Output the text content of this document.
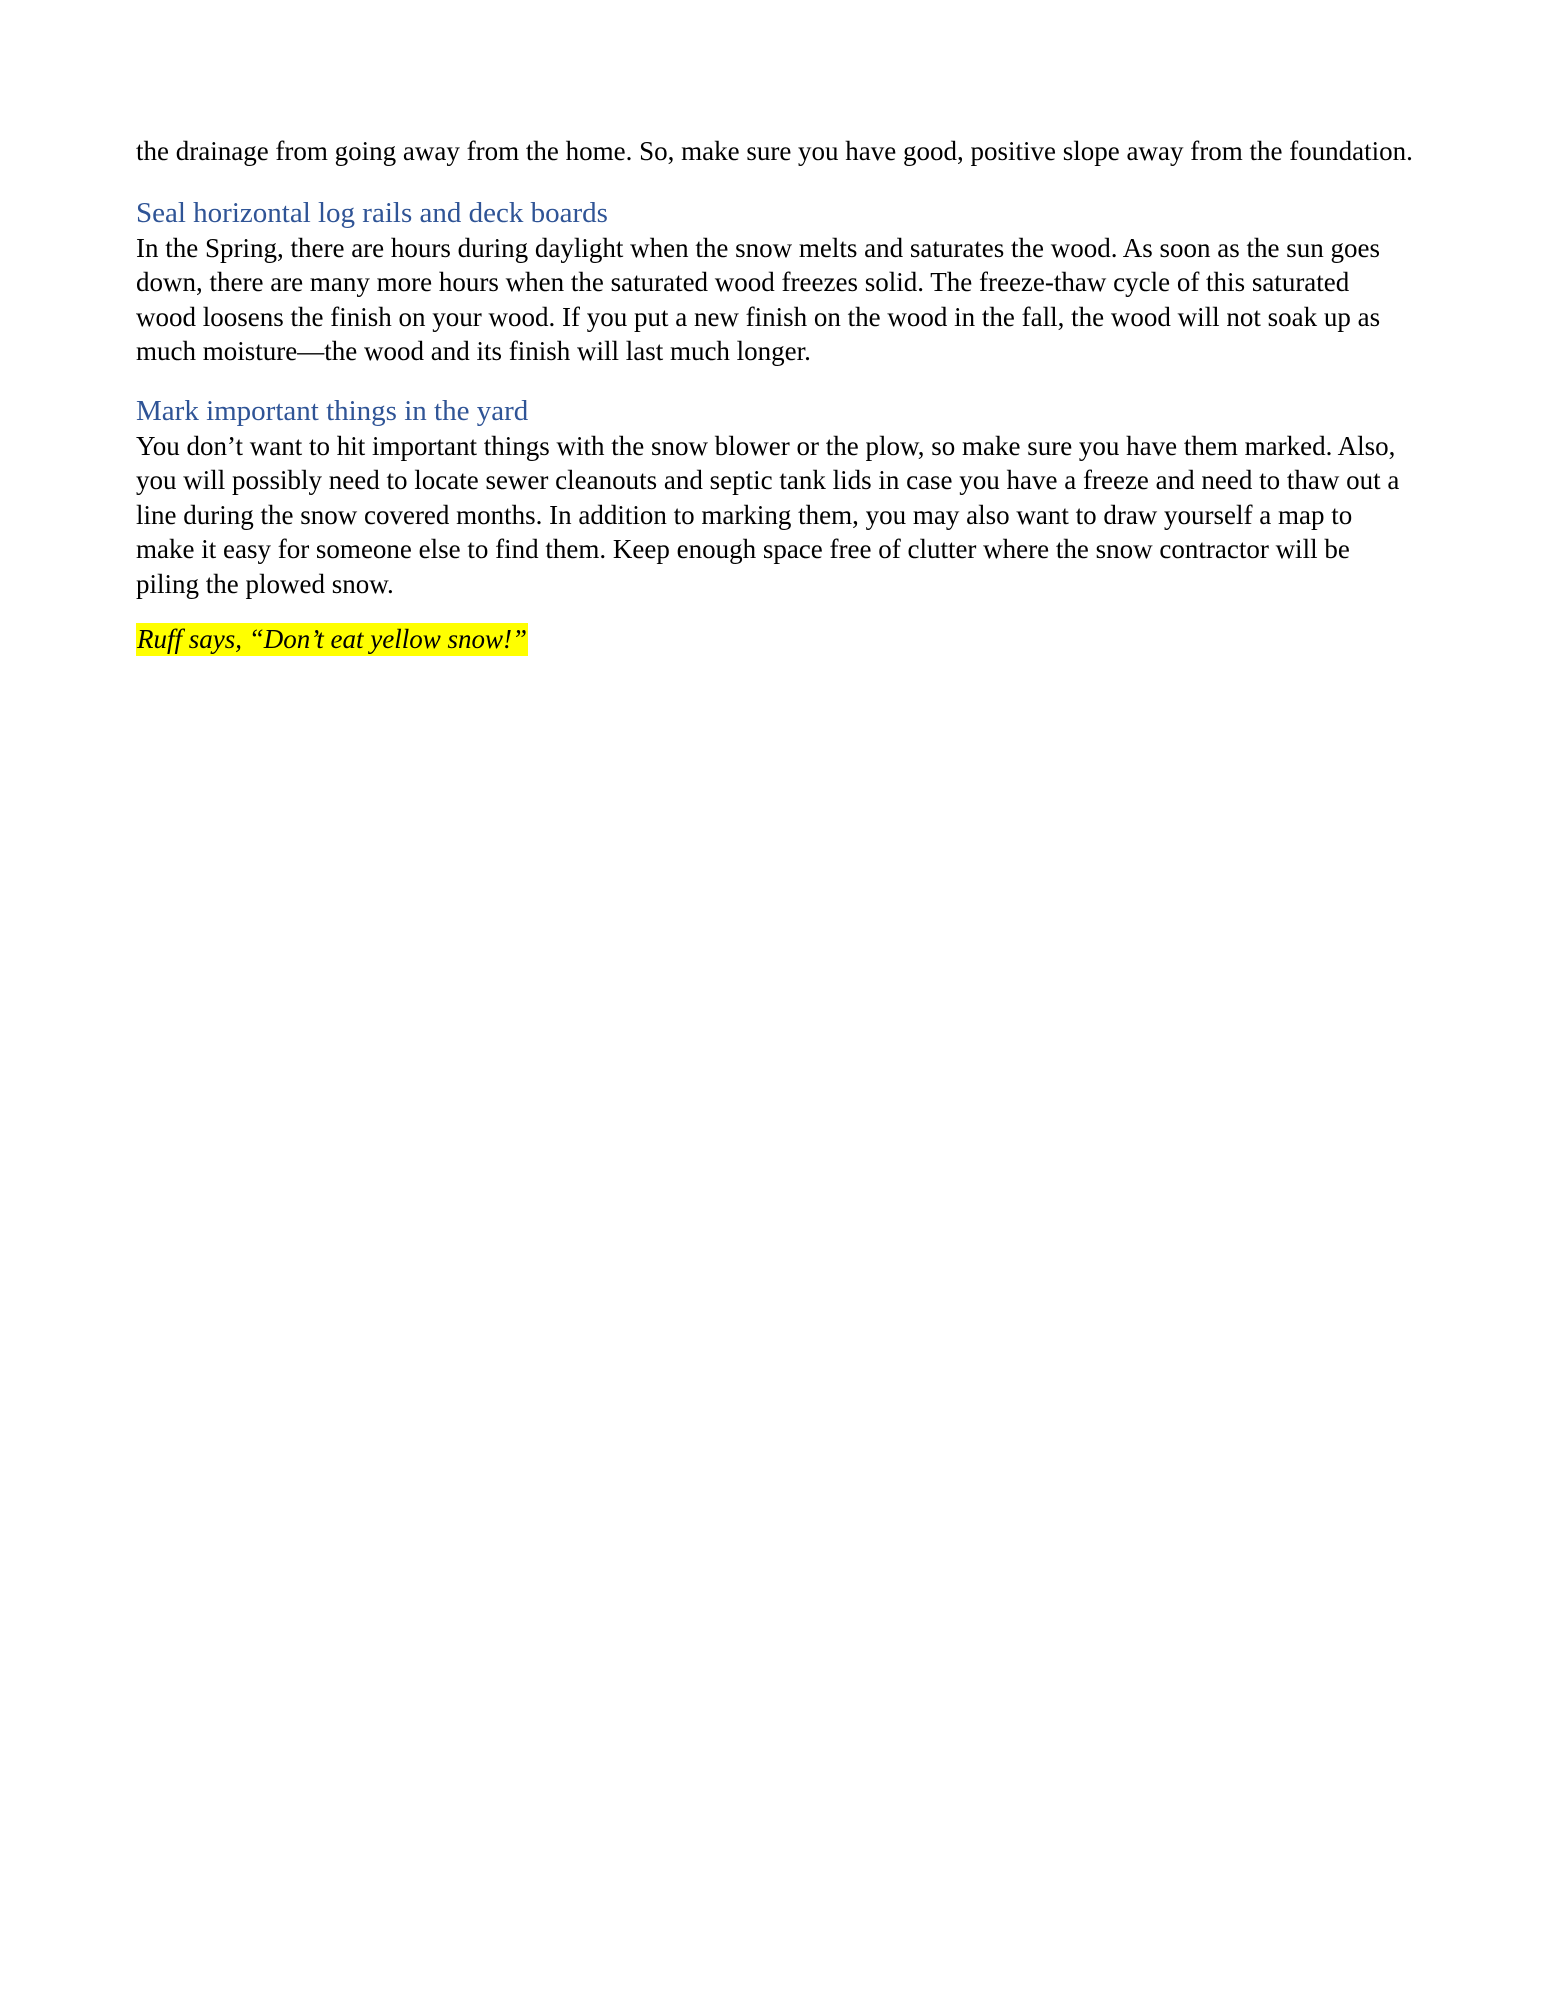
the drainage from going away from the home. So, make sure you have good, positive slope away from the foundation.

Seal horizontal log rails and deck boards

In the Spring, there are hours during daylight when the snow melts and saturates the wood. As soon as the sun goes down, there are many more hours when the saturated wood freezes solid. The freeze-thaw cycle of this saturated wood loosens the finish on your wood. If you put a new finish on the wood in the fall, the wood will not soak up as much moisture—the wood and its finish will last much longer.

Mark important things in the yard

You don’t want to hit important things with the snow blower or the plow, so make sure you have them marked. Also, you will possibly need to locate sewer cleanouts and septic tank lids in case you have a freeze and need to thaw out a line during the snow covered months. In addition to marking them, you may also want to draw yourself a map to make it easy for someone else to find them. Keep enough space free of clutter where the snow contractor will be piling the plowed snow.

Ruff says, “Don’t eat yellow snow!”
